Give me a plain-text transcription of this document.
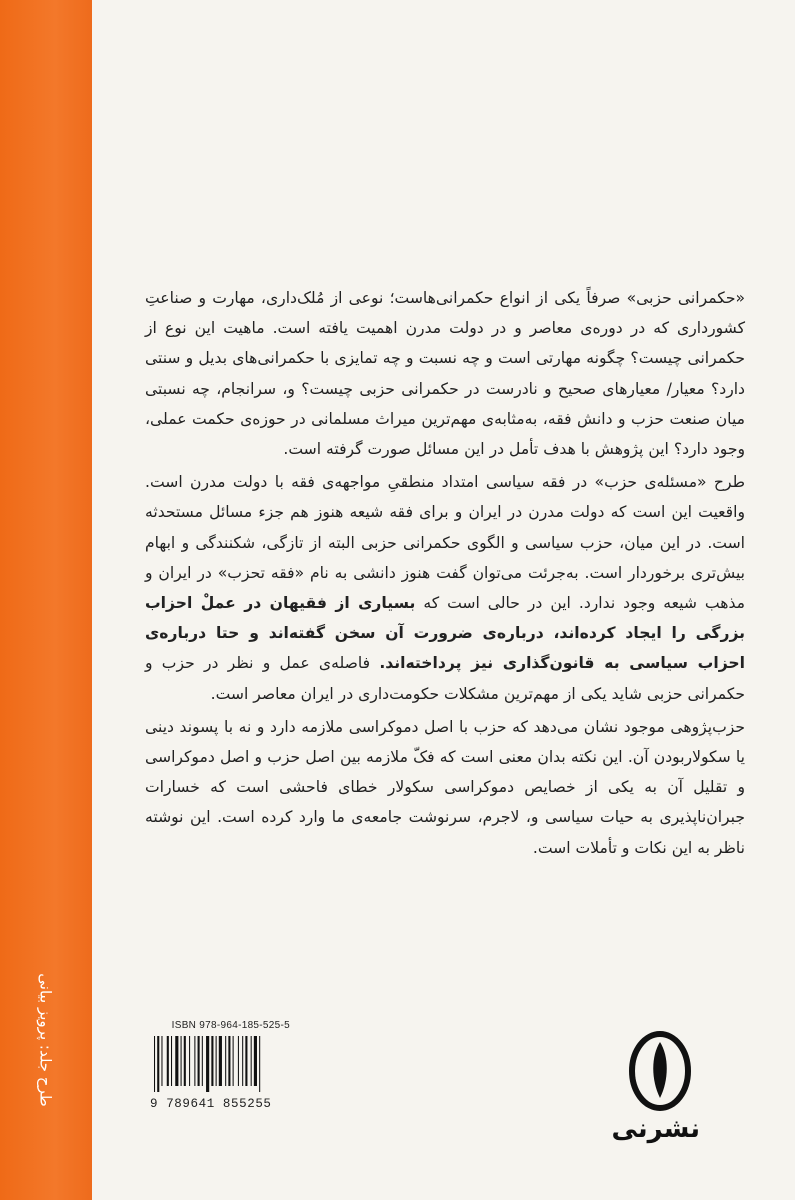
طرح جلد: پرویز بیانی

«حکمرانی حزبی» صرفاً یکی از انواع حکمرانی‌هاست؛ نوعی از مُلک‌داری، مهارت و صناعتِ کشورداری که در دوره‌ی معاصر و در دولت مدرن اهمیت یافته است. ماهیت این نوع از حکمرانی چیست؟ چگونه مهارتی است و چه نسبت و چه تمایزی با حکمرانی‌های بدیل و سنتی دارد؟ معیار/ معیارهای صحیح و نادرست در حکمرانی حزبی چیست؟ و، سرانجام، چه نسبتی میان صنعت حزب و دانش فقه، به‌مثابه‌ی مهم‌ترین میراث مسلمانی در حوزه‌ی حکمت عملی، وجود دارد؟ این پژوهش با هدف تأمل در این مسائل صورت گرفته است.

طرح «مسئله‌ی حزب» در فقه سیاسی امتداد منطقیِ مواجهه‌ی فقه با دولت مدرن است. واقعیت این است که دولت مدرن در ایران و برای فقه شیعه هنوز هم جزء مسائل مستحدثه است. در این میان، حزب سیاسی و الگوی حکمرانی حزبی البته از تازگی، شکنندگی و ابهام بیش‌تری برخوردار است. به‌جرئت می‌توان گفت هنوز دانشی به نام «فقه تحزب» در ایران و مذهب شیعه وجود ندارد. این در حالی است که بسیاری از فقیهان در عملْ احزاب بزرگی را ایجاد کرده‌اند، درباره‌ی ضرورت آن سخن گفته‌اند و حتا درباره‌ی احزاب سیاسی به قانون‌گذاری نیز پرداخته‌اند. فاصله‌ی عمل و نظر در حزب و حکمرانی حزبی شاید یکی از مهم‌ترین مشکلات حکومت‌داری در ایران معاصر است.

حزب‌پژوهی موجود نشان می‌دهد که حزب با اصل دموکراسی ملازمه دارد و نه با پسوند دینی یا سکولاربودن آن. این نکته بدان معنی است که فکّ ملازمه بین اصل حزب و اصل دموکراسی و تقلیل آن به یکی از خصایص دموکراسی سکولار خطای فاحشی است که خسارات جبران‌ناپذیری به حیات سیاسی و، لاجرم، سرنوشت جامعه‌ی ما وارد کرده است. این نوشته ناظر به این نکات و تأملات است.

ISBN 978-964-185-525-5
9 789641 855255
نشرنی
